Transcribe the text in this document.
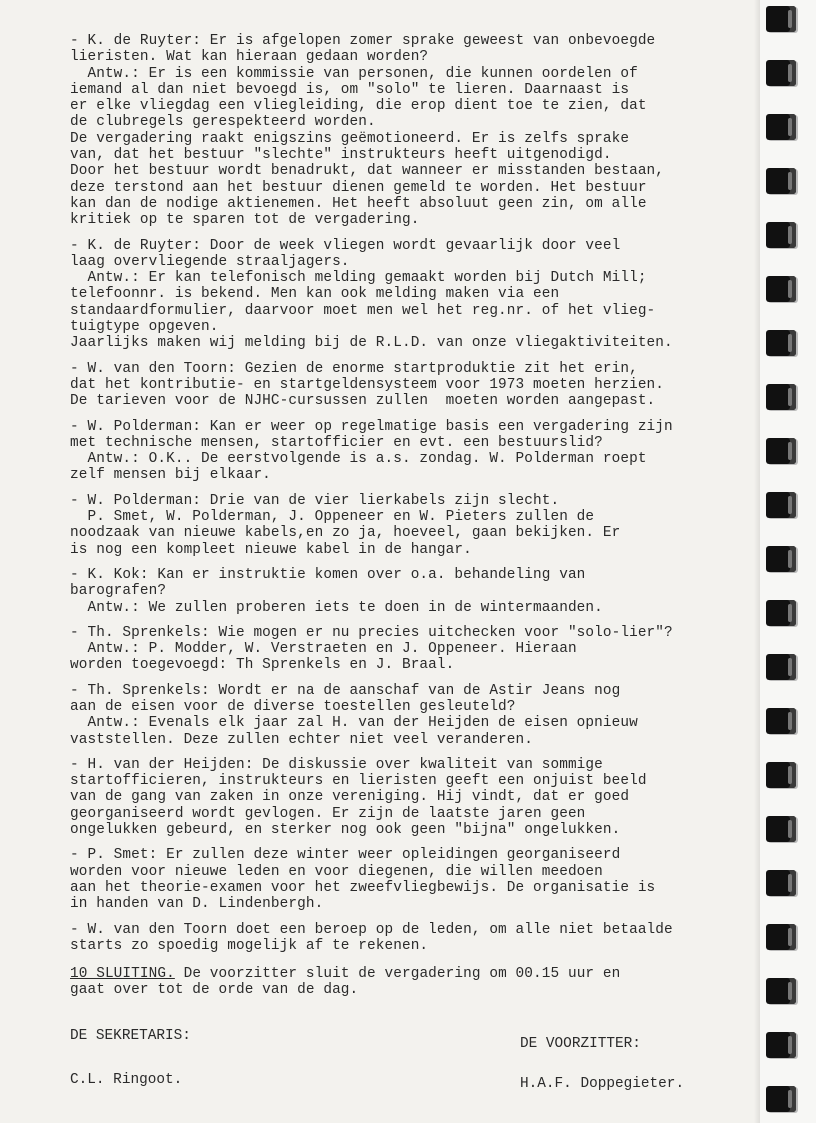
- K. de Ruyter: Er is afgelopen zomer sprake geweest van onbevoegde
lieristen. Wat kan hieraan gedaan worden?
Antw.: Er is een kommissie van personen, die kunnen oordelen of
iemand al dan niet bevoegd is, om "solo" te lieren. Daarnaast is
er elke vliegdag een vliegleiding, die erop dient toe te zien, dat
de clubregels gerespekteerd worden.
De vergadering raakt enigszins geëmotioneerd. Er is zelfs sprake
van, dat het bestuur "slechte" instrukteurs heeft uitgenodigd.
Door het bestuur wordt benadrukt, dat wanneer er misstanden bestaan,
deze terstond aan het bestuur dienen gemeld te worden. Het bestuur
kan dan de nodige aktienemen. Het heeft absoluut geen zin, om alle
kritiek op te sparen tot de vergadering.
- K. de Ruyter: Door de week vliegen wordt gevaarlijk door veel
laag overvliegende straaljagers.
Antw.: Er kan telefonisch melding gemaakt worden bij Dutch Mill;
telefoonnr. is bekend. Men kan ook melding maken via een
standaardformulier, daarvoor moet men wel het reg.nr. of het vlieg-
tuigtype opgeven.
Jaarlijks maken wij melding bij de R.L.D. van onze vliegaktiviteiten.
- W. van den Toorn: Gezien de enorme startproduktie zit het erin,
dat het kontributie- en startgeldensysteem voor 1973 moeten herzien.
De tarieven voor de NJHC-cursussen zullen  moeten worden aangepast.
- W. Polderman: Kan er weer op regelmatige basis een vergadering zijn
met technische mensen, startofficier en evt. een bestuurslid?
Antw.: O.K.. De eerstvolgende is a.s. zondag. W. Polderman roept
zelf mensen bij elkaar.
- W. Polderman: Drie van de vier lierkabels zijn slecht.
P. Smet, W. Polderman, J. Oppeneer en W. Pieters zullen de
noodzaak van nieuwe kabels,en zo ja, hoeveel, gaan bekijken. Er
is nog een kompleet nieuwe kabel in de hangar.
- K. Kok: Kan er instruktie komen over o.a. behandeling van
barografen?
Antw.: We zullen proberen iets te doen in de wintermaanden.
- Th. Sprenkels: Wie mogen er nu precies uitchecken voor "solo-lier"?
Antw.: P. Modder, W. Verstraeten en J. Oppeneer. Hieraan
worden toegevoegd: Th Sprenkels en J. Braal.
- Th. Sprenkels: Wordt er na de aanschaf van de Astir Jeans nog
aan de eisen voor de diverse toestellen gesleuteld?
Antw.: Evenals elk jaar zal H. van der Heijden de eisen opnieuw
vaststellen. Deze zullen echter niet veel veranderen.
- H. van der Heijden: De diskussie over kwaliteit van sommige
startofficieren, instrukteurs en lieristen geeft een onjuist beeld
van de gang van zaken in onze vereniging. Hij vindt, dat er goed
georganiseerd wordt gevlogen. Er zijn de laatste jaren geen
ongelukken gebeurd, en sterker nog ook geen "bijna" ongelukken.
- P. Smet: Er zullen deze winter weer opleidingen georganiseerd
worden voor nieuwe leden en voor diegenen, die willen meedoen
aan het theorie-examen voor het zweefvliegbewijs. De organisatie is
in handen van D. Lindenbergh.
- W. van den Toorn doet een beroep op de leden, om alle niet betaalde
starts zo spoedig mogelijk af te rekenen.
10 SLUITING. De voorzitter sluit de vergadering om 00.15 uur en
gaat over tot de orde van de dag.
DE SEKRETARIS:	DE VOORZITTER:
C.L. Ringoot.	H.A.F. Doppegieter.
